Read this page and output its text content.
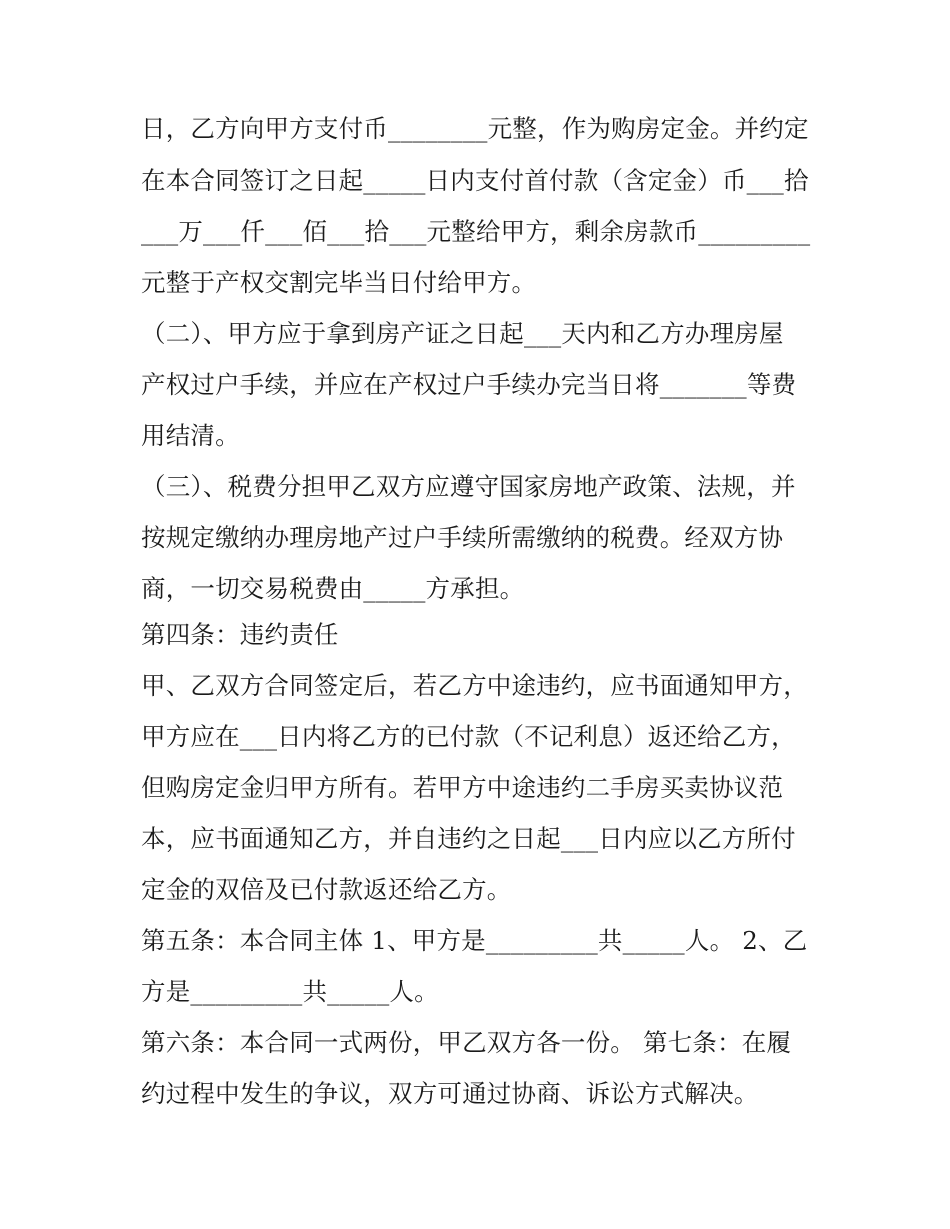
日，乙方向甲方支付币________元整，作为购房定金。并约定
在本合同签订之日起_____日内支付首付款（含定金）币___拾
___万___仟___佰___拾___元整给甲方，剩余房款币_________
元整于产权交割完毕当日付给甲方。
（二）、甲方应于拿到房产证之日起___天内和乙方办理房屋
产权过户手续，并应在产权过户手续办完当日将_______等费
用结清。
（三）、税费分担甲乙双方应遵守国家房地产政策、法规，并
按规定缴纳办理房地产过户手续所需缴纳的税费。经双方协
商，一切交易税费由_____方承担。
第四条：违约责任
甲、乙双方合同签定后，若乙方中途违约，应书面通知甲方，
甲方应在___日内将乙方的已付款（不记利息）返还给乙方，
但购房定金归甲方所有。若甲方中途违约二手房买卖协议范
本，应书面通知乙方，并自违约之日起___日内应以乙方所付
定金的双倍及已付款返还给乙方。
第五条：本合同主体 1、甲方是_________共_____人。 2、乙
方是_________共_____人。
第六条：本合同一式两份，甲乙双方各一份。 第七条：在履
约过程中发生的争议，双方可通过协商、诉讼方式解决。
